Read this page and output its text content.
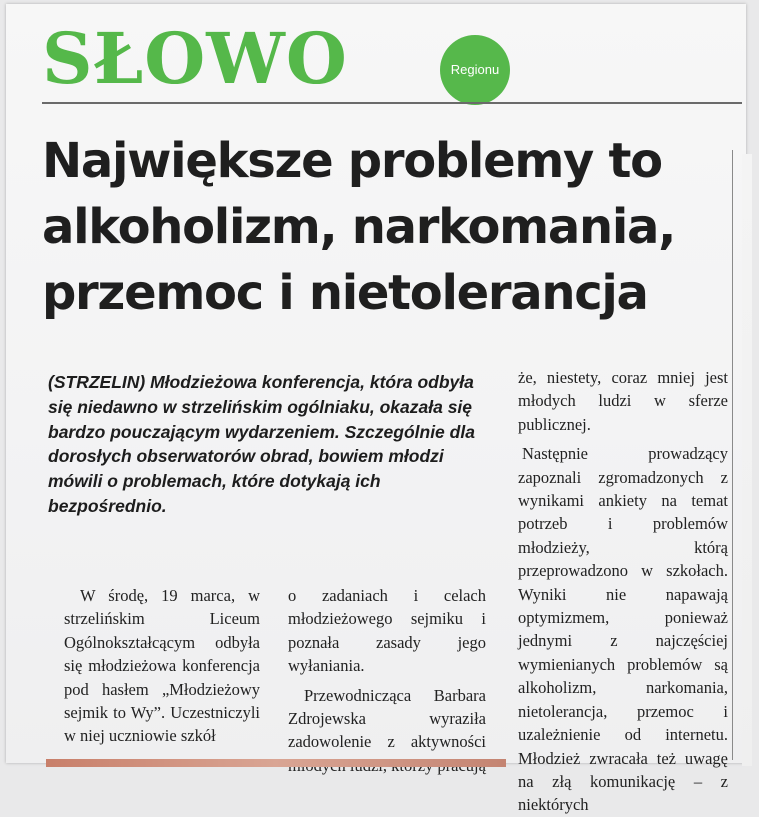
SŁOWO	Regionu
Największe problemy to
alkoholizm, narkomania,
przemoc i nietolerancja

(STRZELIN) Młodzieżowa konferencja, która odbyła się niedawno w strzelińskim ogólniaku, okazała się bardzo pouczającym wydarzeniem. Szczególnie dla dorosłych obserwatorów obrad, bowiem młodzi mówili o problemach, które dotykają ich bezpośrednio.

W środę, 19 marca, w strzelińskim Liceum Ogólnokształcącym odbyła się młodzieżowa konferencja pod hasłem „Młodzieżowy sejmik to Wy”. Uczestniczyli w niej uczniowie szkół

o zadaniach i celach młodzieżowego sejmiku i poznała zasady jego wyłaniania.

Przewodnicząca Barbara Zdrojewska wyraziła zadowolenie z aktywności

że, niestety, coraz mniej jest młodych ludzi w sferze publicznej.

Następnie prowadzący zapoznali zgromadzonych z wynikami ankiety na temat potrzeb i problemów młodzieży, którą przeprowadzono w szkołach. Wyniki nie napawają optymizmem, ponieważ jednymi z najczęściej wymienianych problemów są alkoholizm, narkomania, nietolerancja, przemoc i uzależnienie od internetu. Młodzież zwracała też uwagę na złą komunikację – z niektórych
